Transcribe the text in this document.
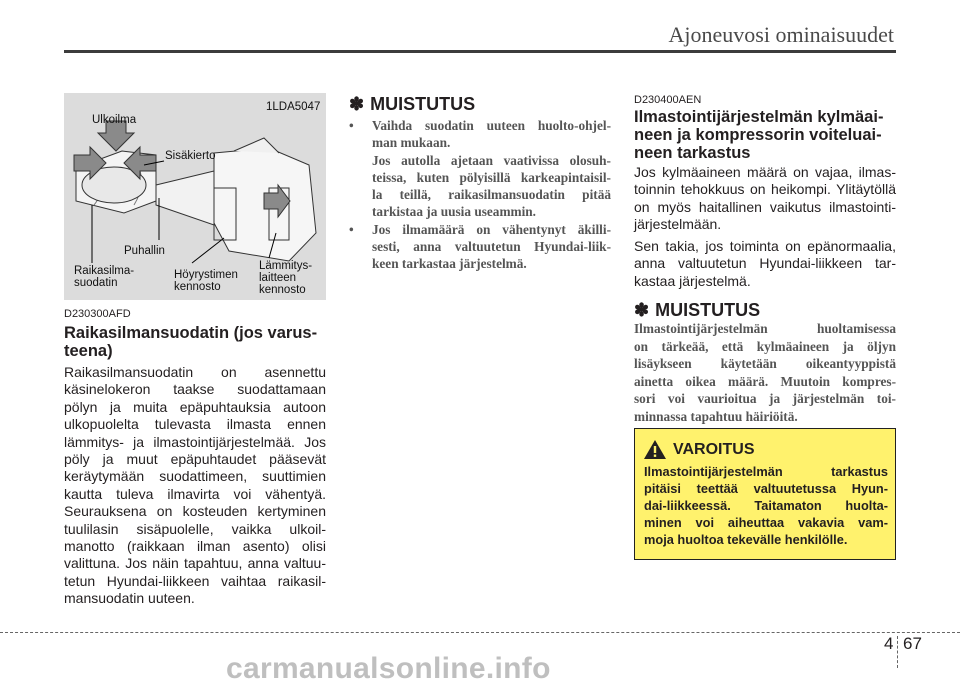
Ajoneuvosi ominaisuudet
1LDA5047
Ulkoilma
Sisäkierto
Puhallin
Raikasilma-
suodatin
Höyrystimen
kennosto
Lämmitys-
laitteen
kennosto
D230300AFD
Raikasilmansuodatin (jos varus-
teena)

Raikasilmansuodatin on asennettu

käsinelokeron taakse suodattamaan

pölyn ja muita epäpuhtauksia autoon

ulkopuolelta tulevasta ilmasta ennen

lämmitys- ja ilmastointijärjestelmää. Jos

pöly ja muut epäpuhtaudet pääsevät

keräytymään suodattimeen, suuttimien

kautta tuleva ilmavirta voi vähentyä.

Seurauksena on kosteuden kertyminen

tuulilasin sisäpuolelle, vaikka ulkoil-

manotto (raikkaan ilman asento) olisi

valittuna. Jos näin tapahtuu, anna valtuu-

tetun Hyundai-liikkeen vaihtaa raikasil-

mansuodatin uuteen.

✽ MUISTUTUS
• Vaihda suodatin uuteen huolto-ohjel-
man mukaan.
Jos autolla ajetaan vaativissa olosuh-
teissa, kuten pölyisillä karkeapintaisil-
la teillä, raikasilmansuodatin pitää
tarkistaa ja uusia useammin.
• Jos ilmamäärä on vähentynyt äkilli-
sesti, anna valtuutetun Hyundai-liik-
keen tarkastaa järjestelmä.
D230400AEN
Ilmastointijärjestelmän kylmäai-
neen ja kompressorin voiteluai-
neen tarkastus

Jos kylmäaineen määrä on vajaa, ilmas-

toinnin tehokkuus on heikompi. Ylitäytöllä

on myös haitallinen vaikutus ilmastointi-

järjestelmään.

Sen takia, jos toiminta on epänormaalia,

anna valtuutetun Hyundai-liikkeen tar-

kastaa järjestelmä.

✽ MUISTUTUS

Ilmastointijärjestelmän huoltamisessa

on tärkeää, että kylmäaineen ja öljyn

lisäykseen käytetään oikeantyyppistä

ainetta oikea määrä. Muutoin kompres-

sori voi vaurioitua ja järjestelmän toi-

minnassa tapahtuu häiriöitä.

VAROITUS
Ilmastointijärjestelmän tarkastus
pitäisi teettää valtuutetussa Hyun-
dai-liikkeessä. Taitamaton huolta-
minen voi aiheuttaa vakavia vam-
moja huoltoa tekevälle henkilölle.
4 67
carmanualsonline.info
